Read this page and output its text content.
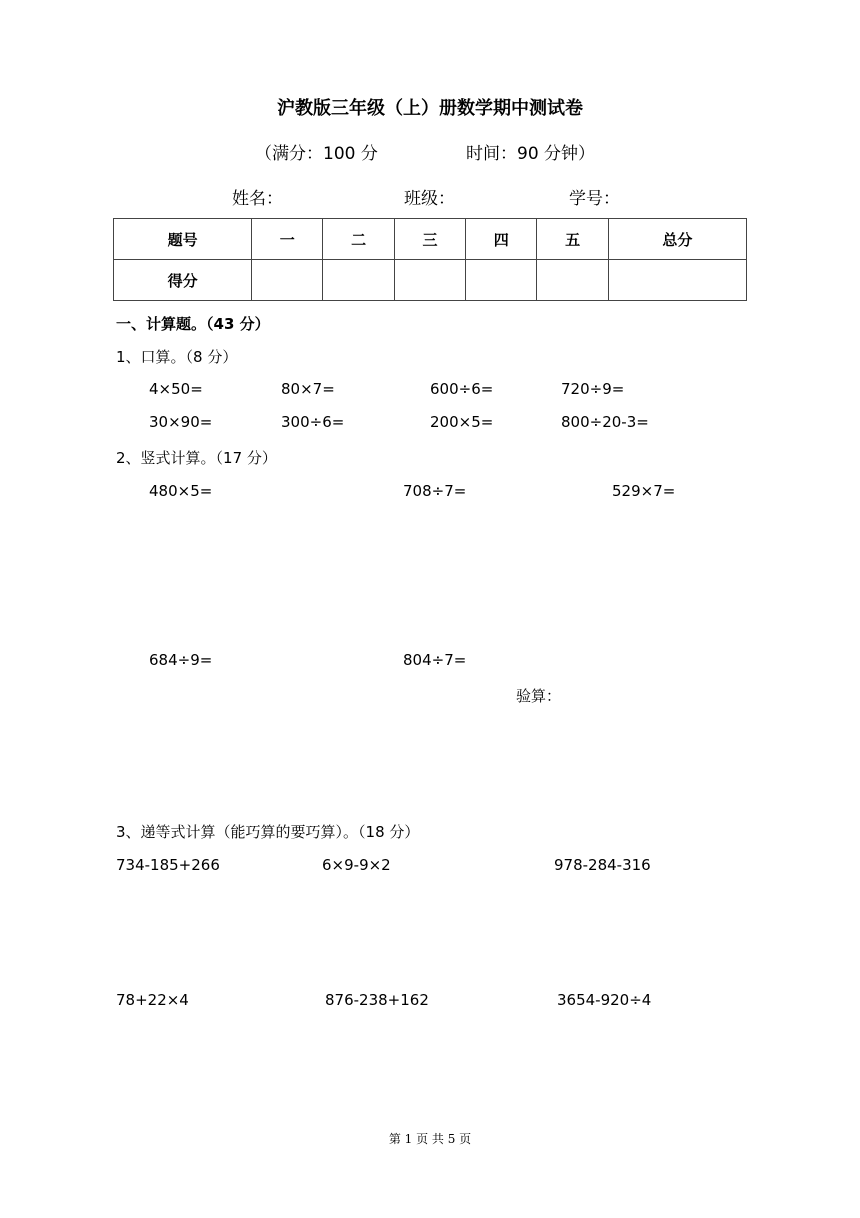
沪教版三年级（上）册数学期中测试卷
（满分：100 分	时间：90 分钟）
姓名：	班级：	学号：
题号	一	二	三	四	五	总分
得分						
一、计算题。（43 分）
1、口算。（8 分）
4×50=	80×7=	600÷6=	720÷9=
30×90=	300÷6=	200×5=	800÷20-3=
2、竖式计算。（17 分）
480×5=	708÷7=	529×7=
684÷9=	804÷7=
验算：
3、递等式计算（能巧算的要巧算）。（18 分）
734-185+266	6×9-9×2	978-284-316
78+22×4	876-238+162	3654-920÷4
第 1 页 共 5 页
